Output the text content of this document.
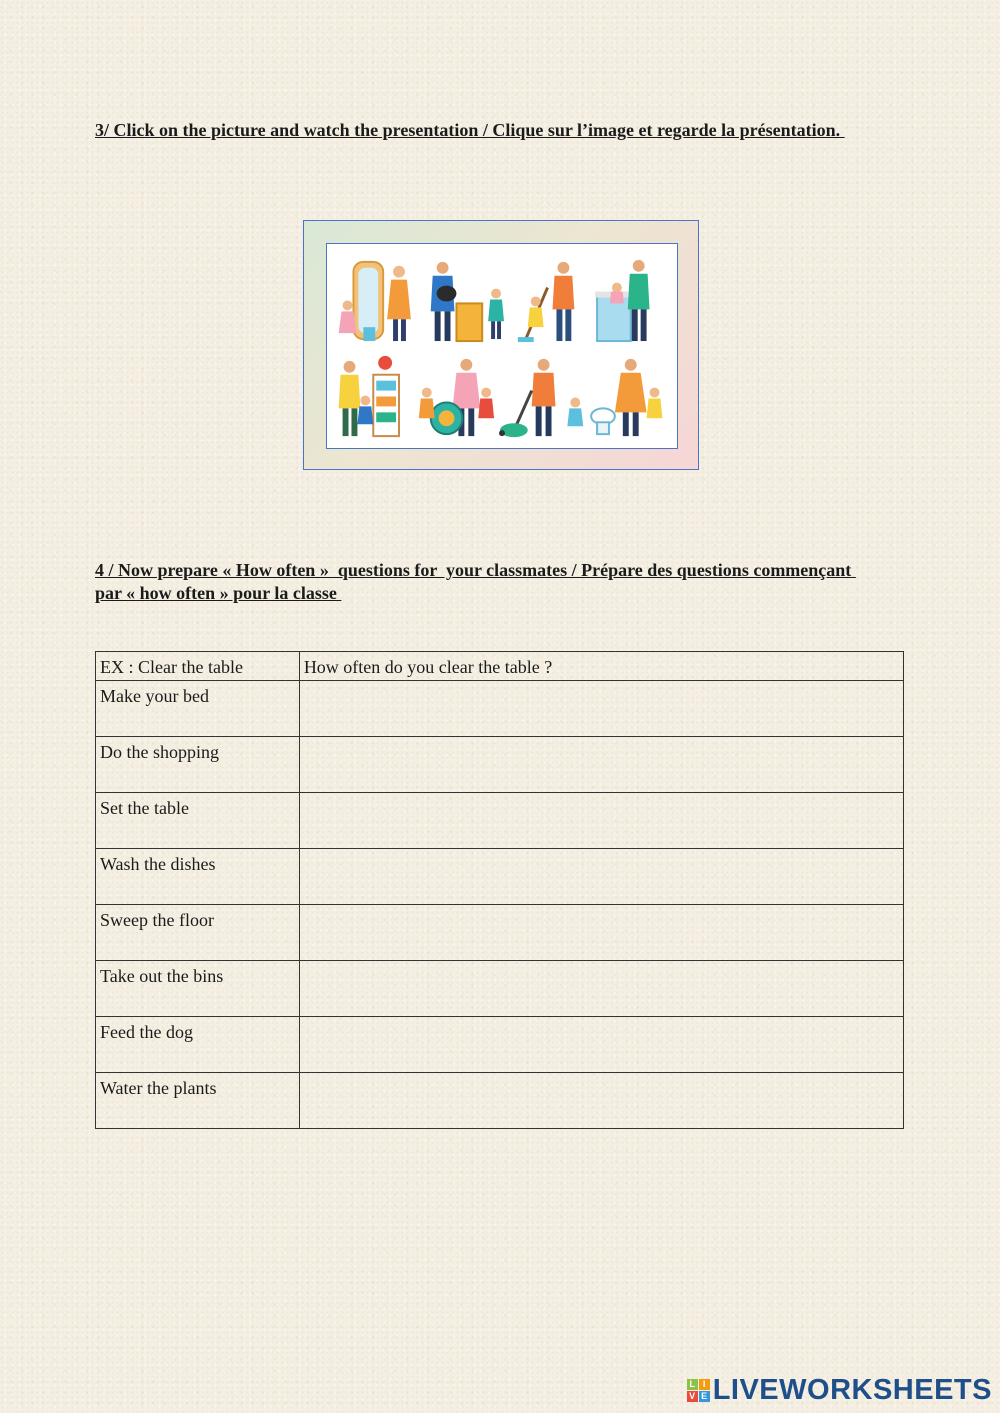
3/ Click on the picture and watch the presentation / Clique sur l’image et regarde la présentation.

4 / Now prepare « How often »  questions for  your classmates / Prépare des questions commençant par « how often » pour la classe

EX : Clear the table	How often do you clear the table ?
Make your bed	
Do the shopping	
Set the table	
Wash the dishes	
Sweep the floor	
Take out the bins	
Feed the dog	
Water the plants	
L I
V E LIVEWORKSHEETS
